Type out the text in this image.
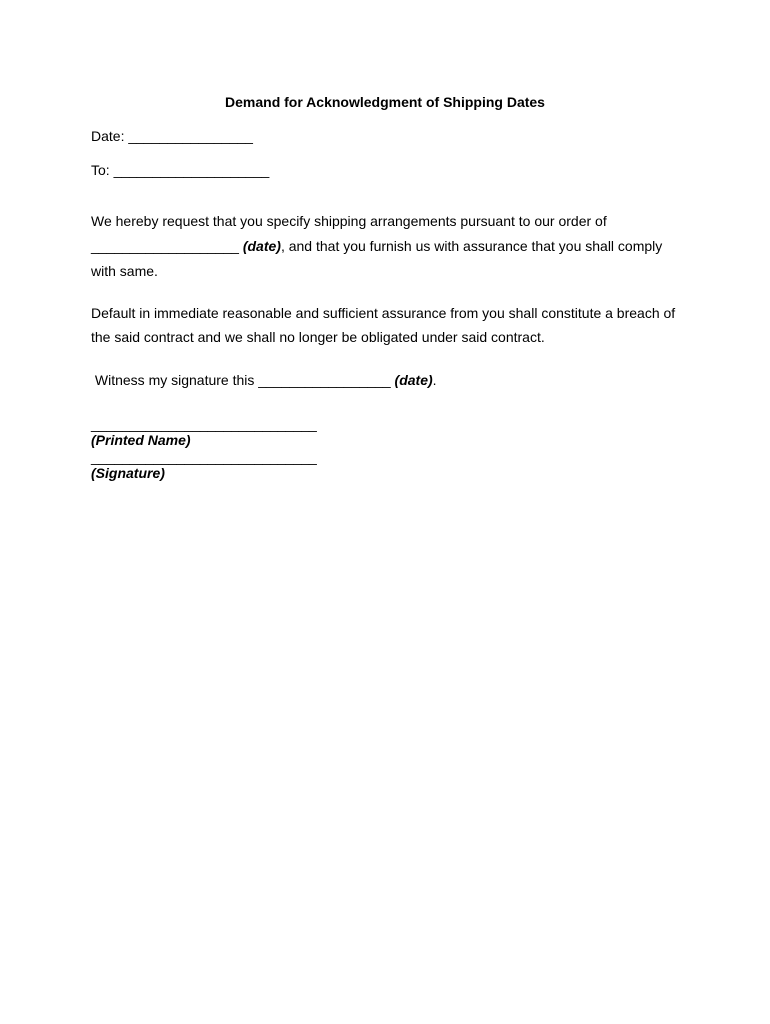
Demand for Acknowledgment of Shipping Dates
Date: ________________
To: ____________________
We hereby request that you specify shipping arrangements pursuant to our order of
___________________ (date), and that you furnish us with assurance that you shall comply
with same.
Default in immediate reasonable and sufficient assurance from you shall constitute a breach of
the said contract and we shall no longer be obligated under said contract.
Witness my signature this _________________ (date).
_____________________________
(Printed Name)
_____________________________
(Signature)
